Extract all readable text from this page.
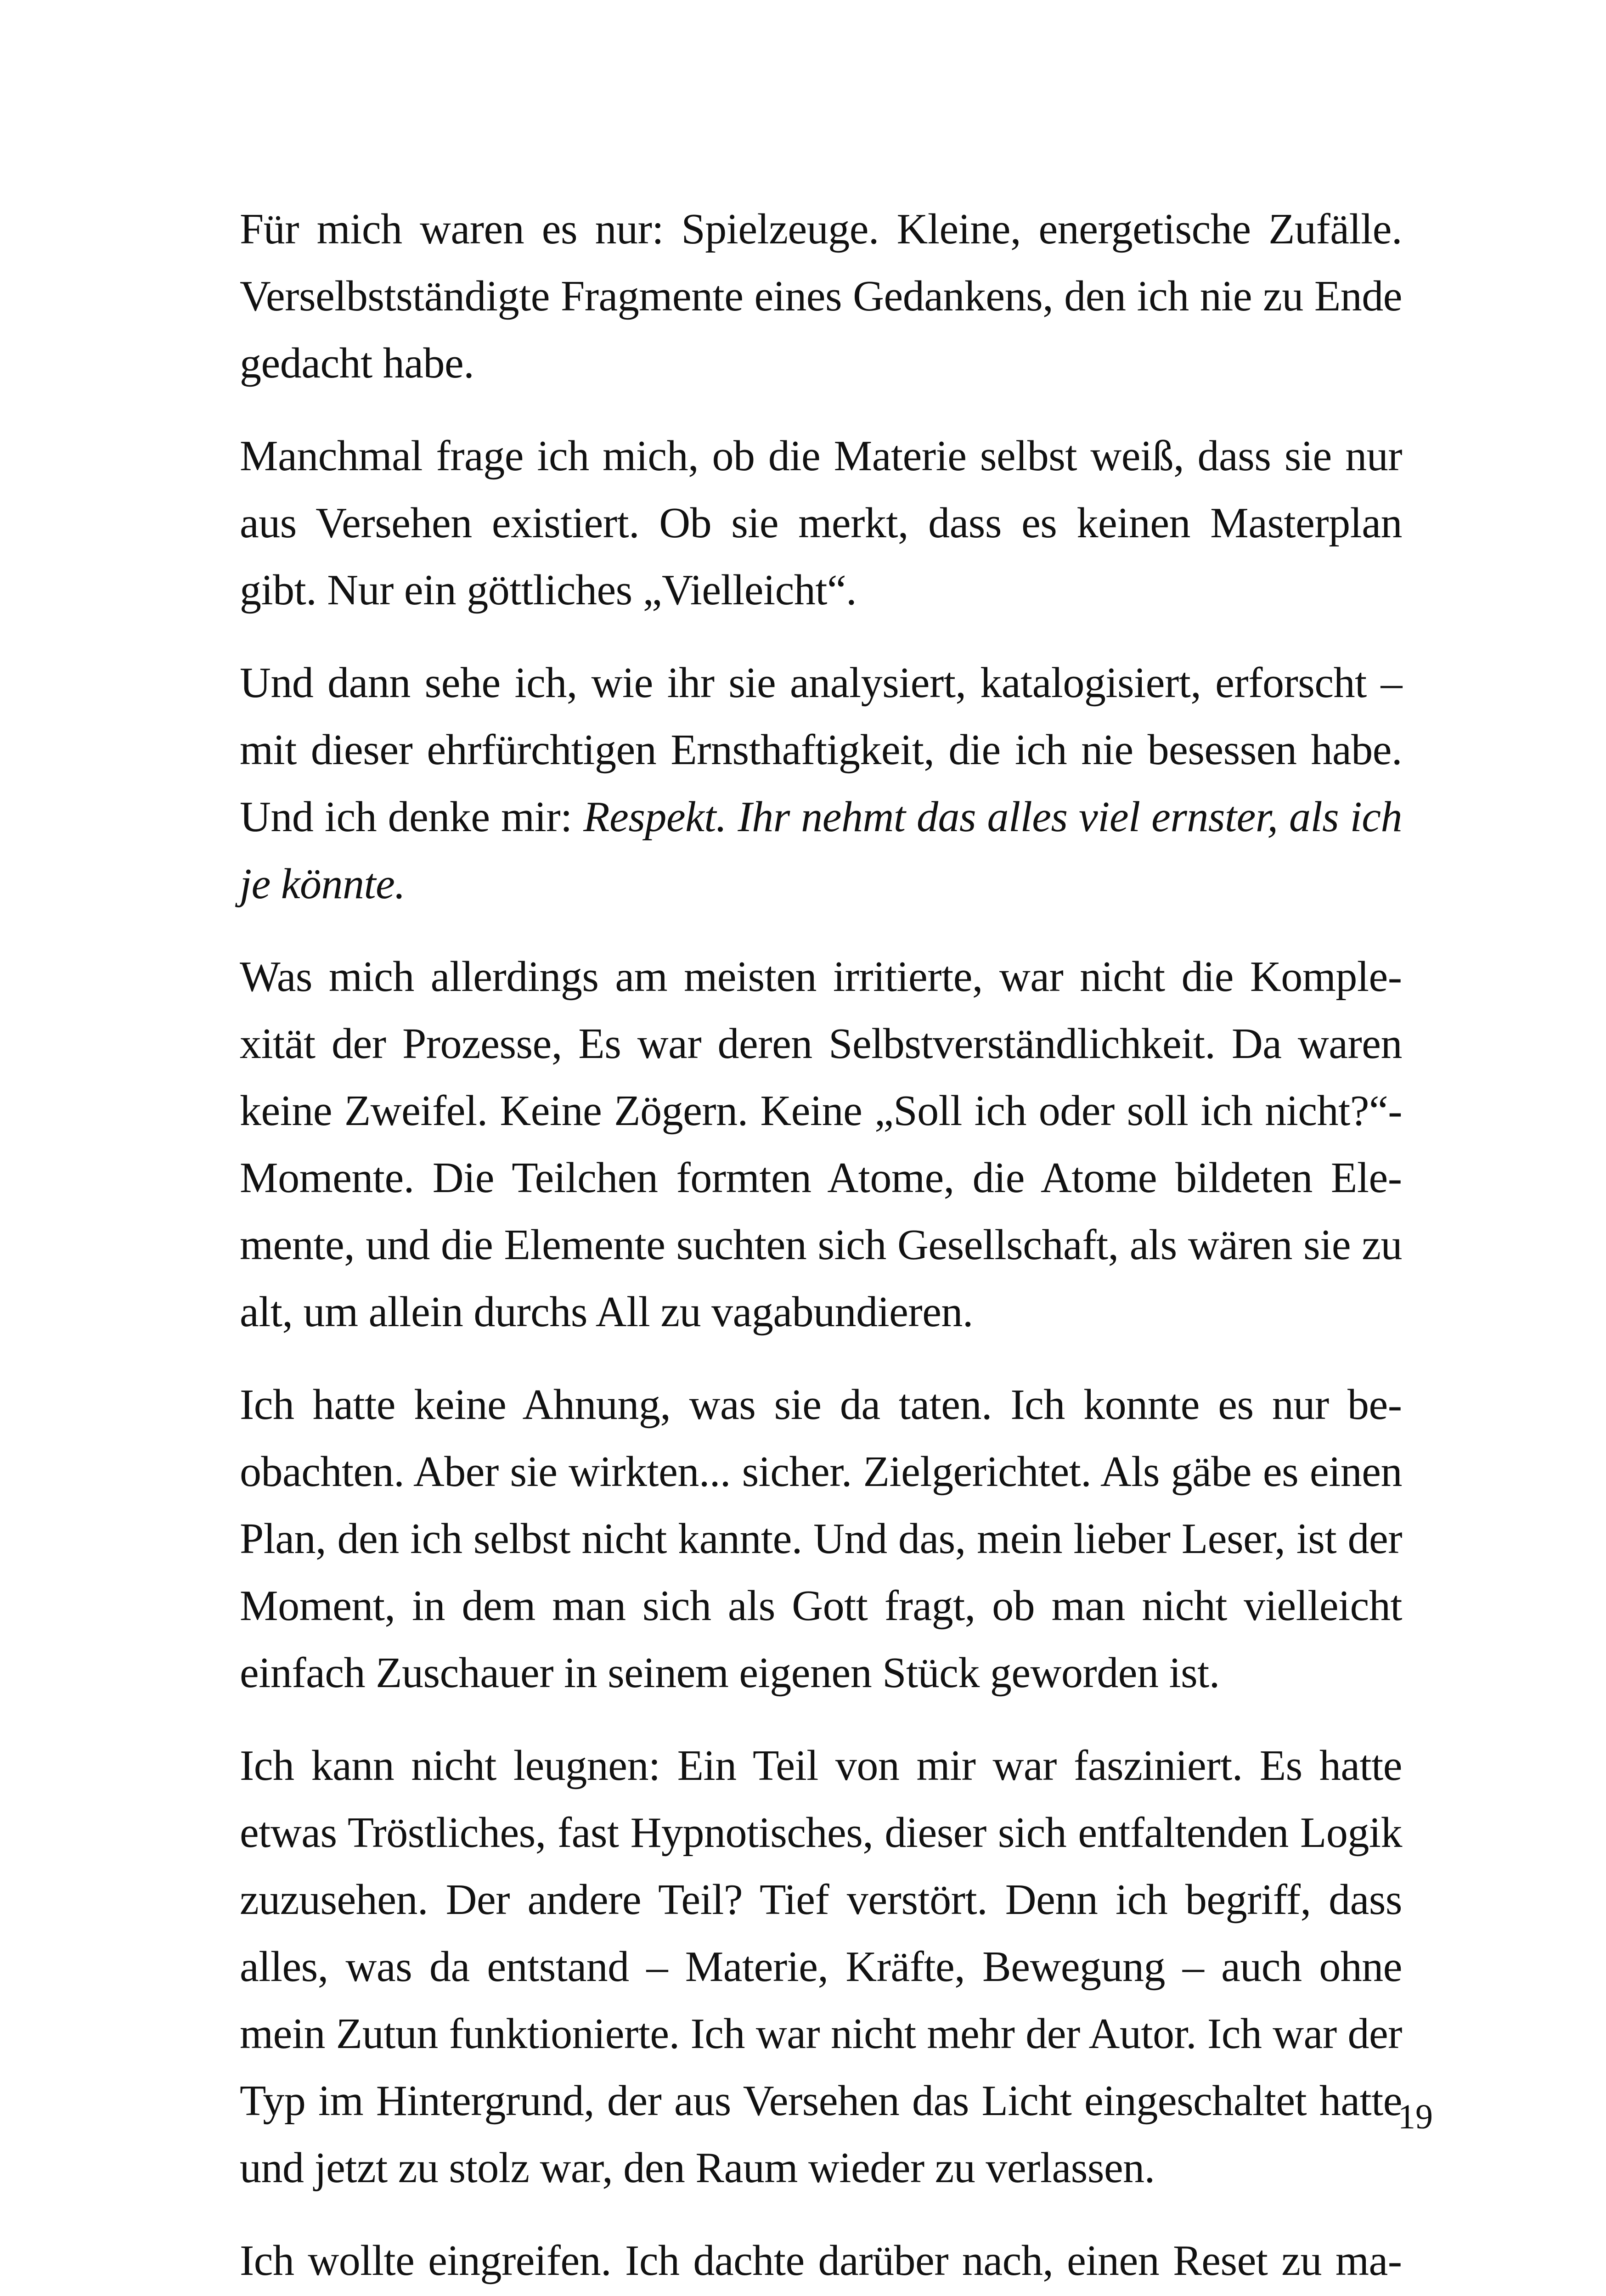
Für mich waren es nur: Spielzeuge. Kleine, energetische Zufälle. Verselbstständigte Fragmente eines Gedankens, den ich nie zu Ende gedacht habe.

Manchmal frage ich mich, ob die Materie selbst weiß, dass sie nur aus Versehen existiert. Ob sie merkt, dass es keinen Masterplan gibt. Nur ein göttliches „Vielleicht“.

Und dann sehe ich, wie ihr sie analysiert, katalogisiert, erforscht – mit dieser ehrfürchtigen Ernsthaftigkeit, die ich nie besessen habe. Und ich denke mir: Respekt. Ihr nehmt das alles viel ernster, als ich je könnte.

Was mich allerdings am meisten irritierte, war nicht die Komplexität der Prozesse, Es war deren Selbstverständlichkeit. Da waren keine Zweifel. Keine Zögern. Keine „Soll ich oder soll ich nicht?“-Momente. Die Teilchen formten Atome, die Atome bildeten Elemente, und die Elemente suchten sich Gesellschaft, als wären sie zu alt, um allein durchs All zu vagabundieren.

Ich hatte keine Ahnung, was sie da taten. Ich konnte es nur beobachten. Aber sie wirkten... sicher. Zielgerichtet. Als gäbe es einen Plan, den ich selbst nicht kannte. Und das, mein lieber Leser, ist der Moment, in dem man sich als Gott fragt, ob man nicht vielleicht einfach Zuschauer in seinem eigenen Stück geworden ist.

Ich kann nicht leugnen: Ein Teil von mir war fasziniert. Es hatte etwas Tröstliches, fast Hypnotisches, dieser sich entfaltenden Logik zuzusehen. Der andere Teil? Tief verstört. Denn ich begriff, dass alles, was da entstand – Materie, Kräfte, Bewegung – auch ohne mein Zutun funktionierte. Ich war nicht mehr der Autor. Ich war der Typ im Hintergrund, der aus Versehen das Licht eingeschaltet hatte und jetzt zu stolz war, den Raum wieder zu verlassen.

Ich wollte eingreifen. Ich dachte darüber nach, einen Reset zu ma

19
